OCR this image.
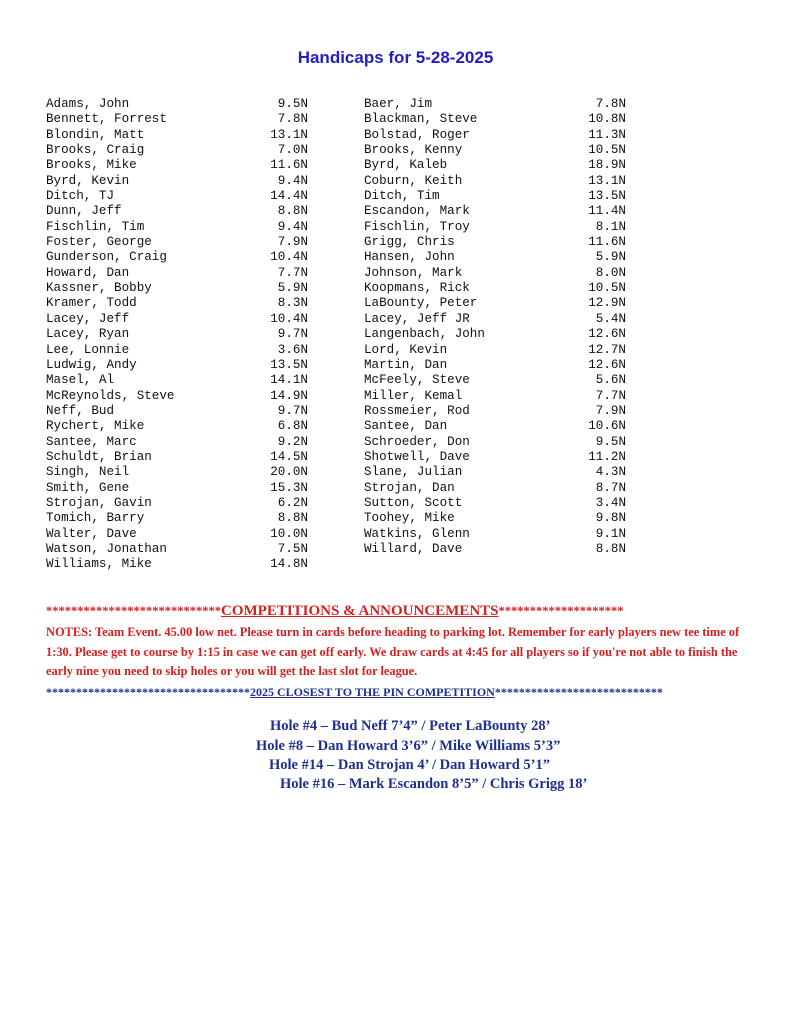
Handicaps for 5-28-2025
Adams, John	9.5N
Bennett, Forrest	7.8N
Blondin, Matt	13.1N
Brooks, Craig	7.0N
Brooks, Mike	11.6N
Byrd, Kevin	9.4N
Ditch, TJ	14.4N
Dunn, Jeff	8.8N
Fischlin, Tim	9.4N
Foster, George	7.9N
Gunderson, Craig	10.4N
Howard, Dan	7.7N
Kassner, Bobby	5.9N
Kramer, Todd	8.3N
Lacey, Jeff	10.4N
Lacey, Ryan	9.7N
Lee, Lonnie	3.6N
Ludwig, Andy	13.5N
Masel, Al	14.1N
McReynolds, Steve	14.9N
Neff, Bud	9.7N
Rychert, Mike	6.8N
Santee, Marc	9.2N
Schuldt, Brian	14.5N
Singh, Neil	20.0N
Smith, Gene	15.3N
Strojan, Gavin	6.2N
Tomich, Barry	8.8N
Walter, Dave	10.0N
Watson, Jonathan	7.5N
Williams, Mike	14.8N
Baer, Jim	7.8N
Blackman, Steve	10.8N
Bolstad, Roger	11.3N
Brooks, Kenny	10.5N
Byrd, Kaleb	18.9N
Coburn, Keith	13.1N
Ditch, Tim	13.5N
Escandon, Mark	11.4N
Fischlin, Troy	8.1N
Grigg, Chris	11.6N
Hansen, John	5.9N
Johnson, Mark	8.0N
Koopmans, Rick	10.5N
LaBounty, Peter	12.9N
Lacey, Jeff JR	5.4N
Langenbach, John	12.6N
Lord, Kevin	12.7N
Martin, Dan	12.6N
McFeely, Steve	5.6N
Miller, Kemal	7.7N
Rossmeier, Rod	7.9N
Santee, Dan	10.6N
Schroeder, Don	9.5N
Shotwell, Dave	11.2N
Slane, Julian	4.3N
Strojan, Dan	8.7N
Sutton, Scott	3.4N
Toohey, Mike	9.8N
Watkins, Glenn	9.1N
Willard, Dave	8.8N
****************************COMPETITIONS & ANNOUNCEMENTS********************
NOTES: Team Event. 45.00 low net. Please turn in cards before heading to parking lot. Remember for early players new tee time of 1:30. Please get to course by 1:15 in case we can get off early. We draw cards at 4:45 for all players so if you're not able to finish the early nine you need to skip holes or you will get the last slot for league.
**********************************2025 CLOSEST TO THE PIN COMPETITION****************************
Hole #4 – Bud Neff 7’4” / Peter LaBounty 28’
Hole #8 – Dan Howard 3’6” / Mike Williams 5’3”
Hole #14 – Dan Strojan 4’ / Dan Howard 5’1”
Hole #16 – Mark Escandon 8’5” / Chris Grigg 18’
